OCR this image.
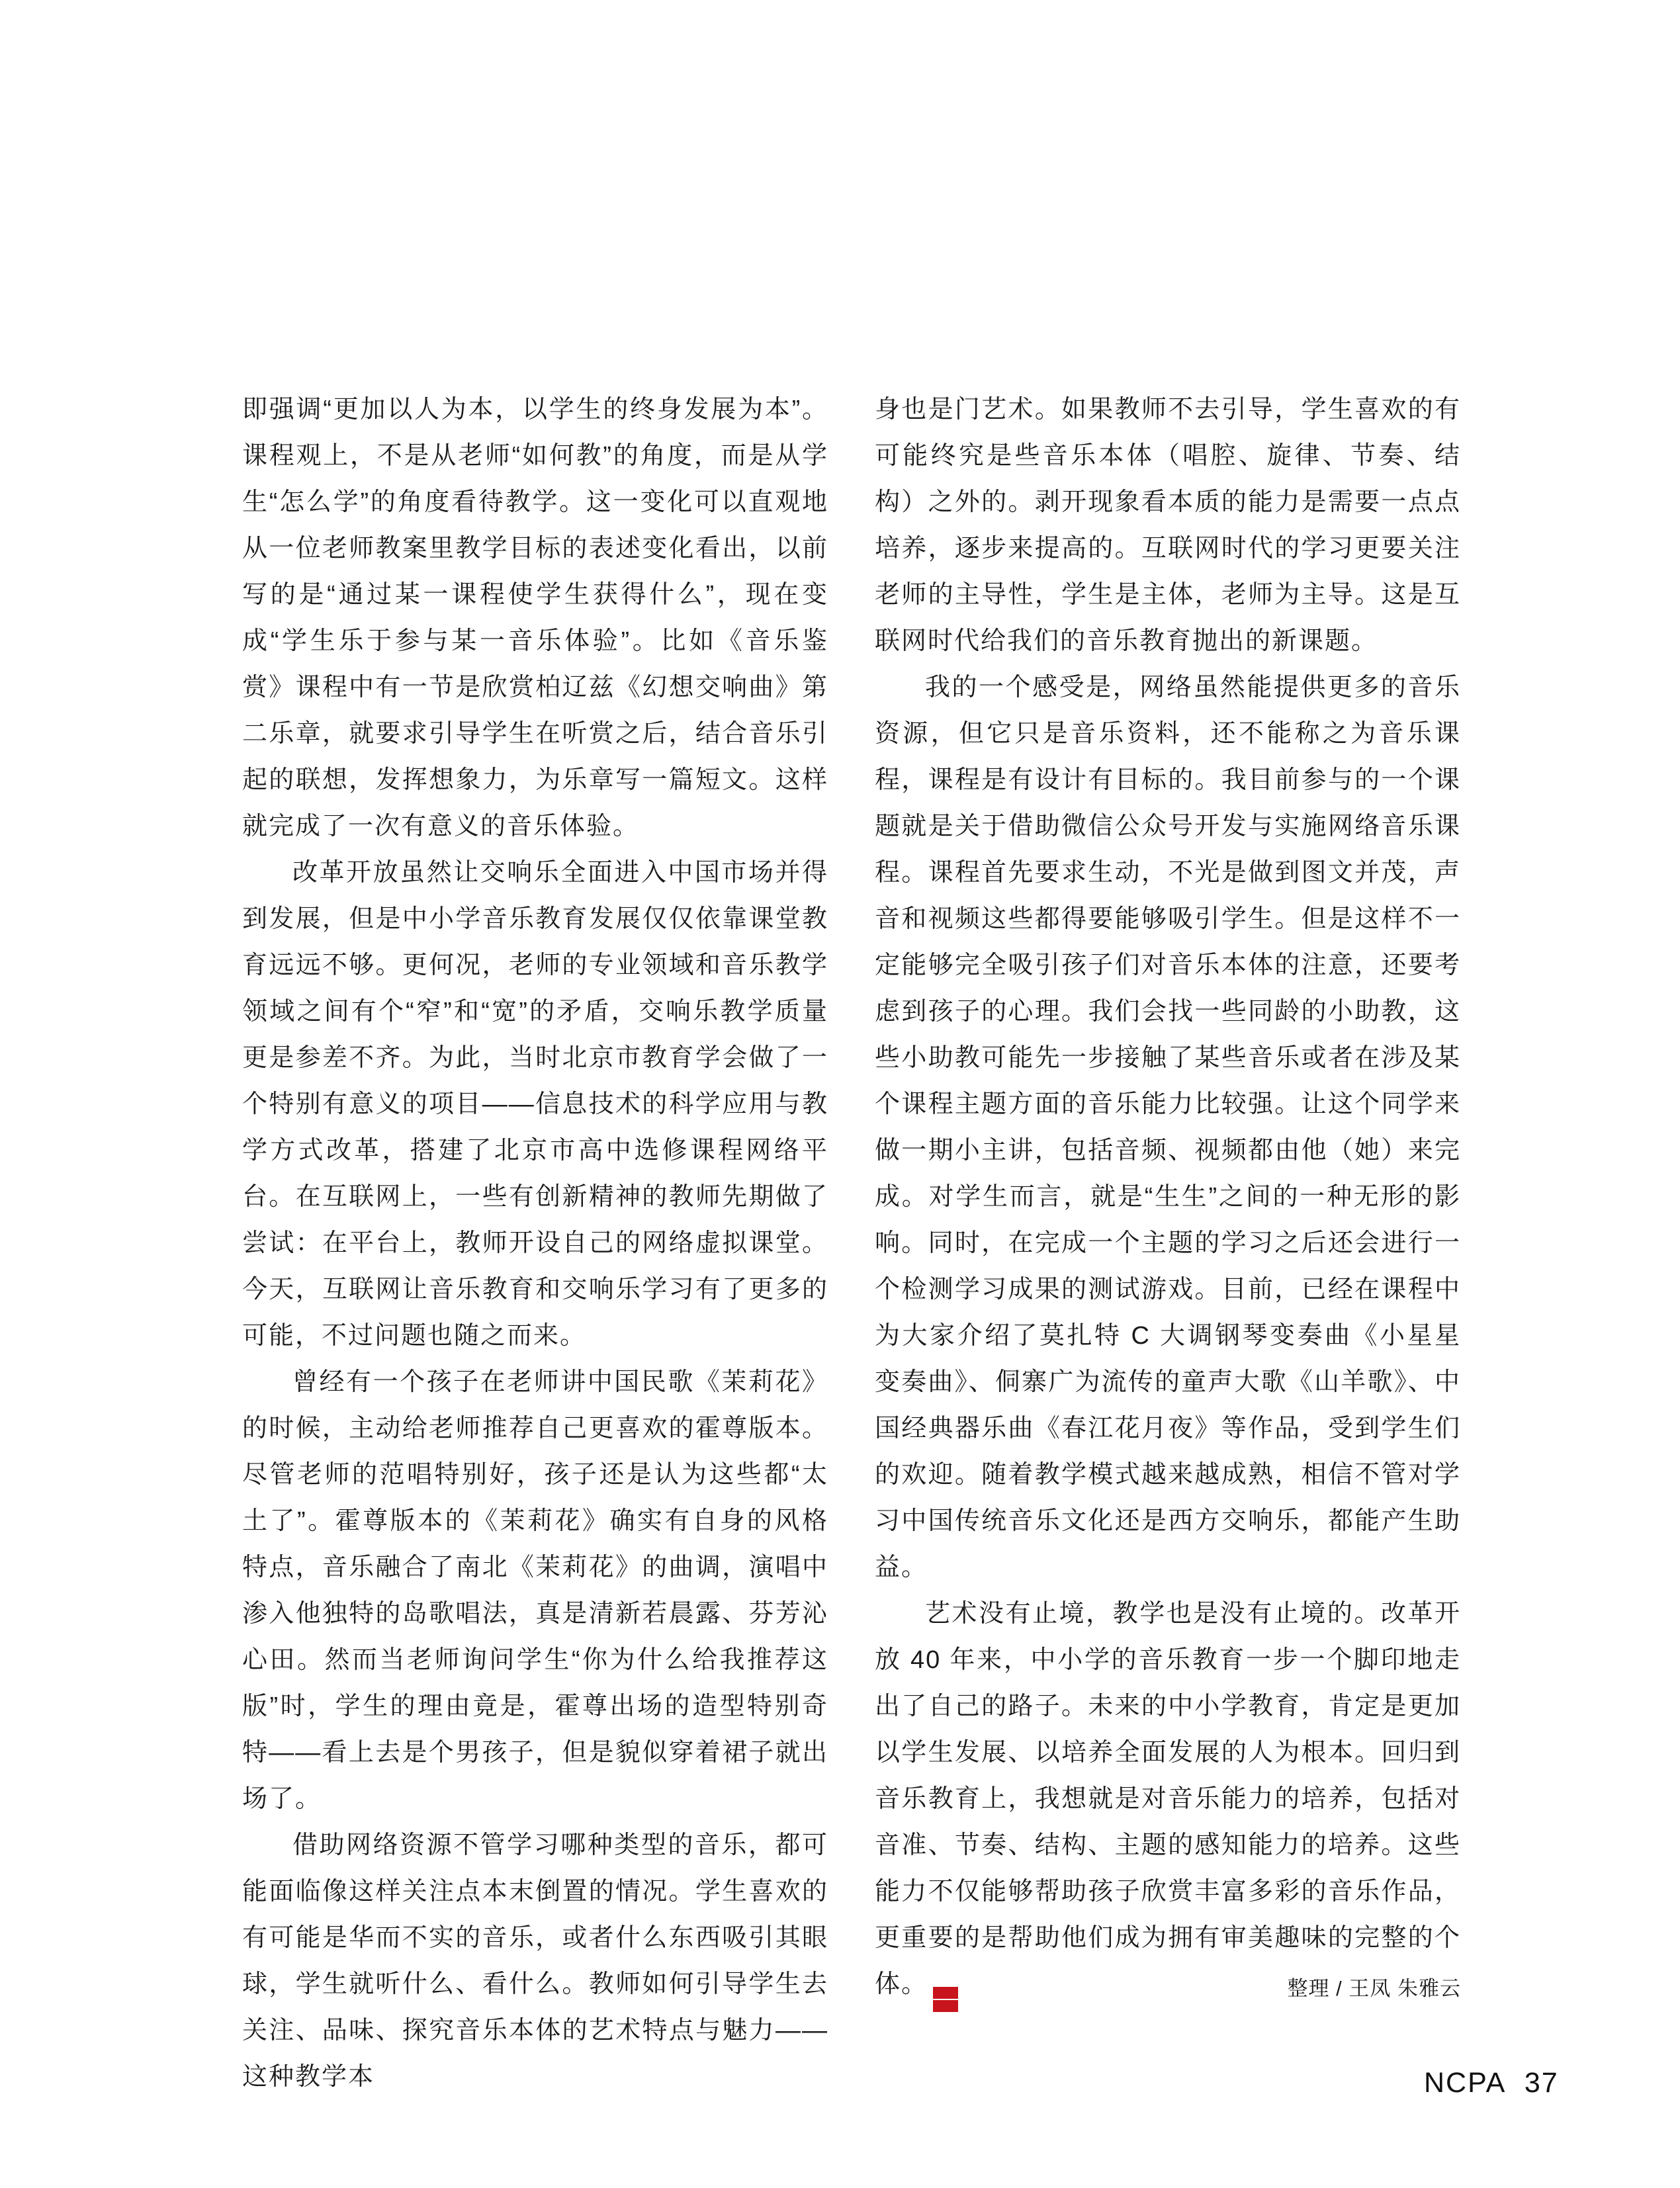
即强调“更加以人为本，以学生的终身发展为本”。课程观上，不是从老师“如何教”的角度，而是从学生“怎么学”的角度看待教学。这一变化可以直观地从一位老师教案里教学目标的表述变化看出，以前写的是“通过某一课程使学生获得什么”，现在变成“学生乐于参与某一音乐体验”。比如《音乐鉴赏》课程中有一节是欣赏柏辽兹《幻想交响曲》第二乐章，就要求引导学生在听赏之后，结合音乐引起的联想，发挥想象力，为乐章写一篇短文。这样就完成了一次有意义的音乐体验。

改革开放虽然让交响乐全面进入中国市场并得到发展，但是中小学音乐教育发展仅仅依靠课堂教育远远不够。更何况，老师的专业领域和音乐教学领域之间有个“窄”和“宽”的矛盾，交响乐教学质量更是参差不齐。为此，当时北京市教育学会做了一个特别有意义的项目——信息技术的科学应用与教学方式改革，搭建了北京市高中选修课程网络平台。在互联网上，一些有创新精神的教师先期做了尝试：在平台上，教师开设自己的网络虚拟课堂。今天，互联网让音乐教育和交响乐学习有了更多的可能，不过问题也随之而来。

曾经有一个孩子在老师讲中国民歌《茉莉花》的时候，主动给老师推荐自己更喜欢的霍尊版本。尽管老师的范唱特别好，孩子还是认为这些都“太土了”。霍尊版本的《茉莉花》确实有自身的风格特点，音乐融合了南北《茉莉花》的曲调，演唱中渗入他独特的岛歌唱法，真是清新若晨露、芬芳沁心田。然而当老师询问学生“你为什么给我推荐这版”时，学生的理由竟是，霍尊出场的造型特别奇特——看上去是个男孩子，但是貌似穿着裙子就出场了。

借助网络资源不管学习哪种类型的音乐，都可能面临像这样关注点本末倒置的情况。学生喜欢的有可能是华而不实的音乐，或者什么东西吸引其眼球，学生就听什么、看什么。教师如何引导学生去关注、品味、探究音乐本体的艺术特点与魅力——这种教学本

身也是门艺术。如果教师不去引导，学生喜欢的有可能终究是些音乐本体（唱腔、旋律、节奏、结构）之外的。剥开现象看本质的能力是需要一点点培养，逐步来提高的。互联网时代的学习更要关注老师的主导性，学生是主体，老师为主导。这是互联网时代给我们的音乐教育抛出的新课题。

我的一个感受是，网络虽然能提供更多的音乐资源，但它只是音乐资料，还不能称之为音乐课程，课程是有设计有目标的。我目前参与的一个课题就是关于借助微信公众号开发与实施网络音乐课程。课程首先要求生动，不光是做到图文并茂，声音和视频这些都得要能够吸引学生。但是这样不一定能够完全吸引孩子们对音乐本体的注意，还要考虑到孩子的心理。我们会找一些同龄的小助教，这些小助教可能先一步接触了某些音乐或者在涉及某个课程主题方面的音乐能力比较强。让这个同学来做一期小主讲，包括音频、视频都由他（她）来完成。对学生而言，就是“生生”之间的一种无形的影响。同时，在完成一个主题的学习之后还会进行一个检测学习成果的测试游戏。目前，已经在课程中为大家介绍了莫扎特 C 大调钢琴变奏曲《小星星变奏曲》、侗寨广为流传的童声大歌《山羊歌》、中国经典器乐曲《春江花月夜》等作品，受到学生们的欢迎。随着教学模式越来越成熟，相信不管对学习中国传统音乐文化还是西方交响乐，都能产生助益。

艺术没有止境，教学也是没有止境的。改革开放 40 年来，中小学的音乐教育一步一个脚印地走出了自己的路子。未来的中小学教育，肯定是更加以学生发展、以培养全面发展的人为根本。回归到音乐教育上，我想就是对音乐能力的培养，包括对音准、节奏、结构、主题的感知能力的培养。这些能力不仅能够帮助孩子欣赏丰富多彩的音乐作品，更重要的是帮助他们成为拥有审美趣味的完整的个体。
$\frac{NC}{PA}$	整理 / 王凤 朱雅云
NCPA 37
